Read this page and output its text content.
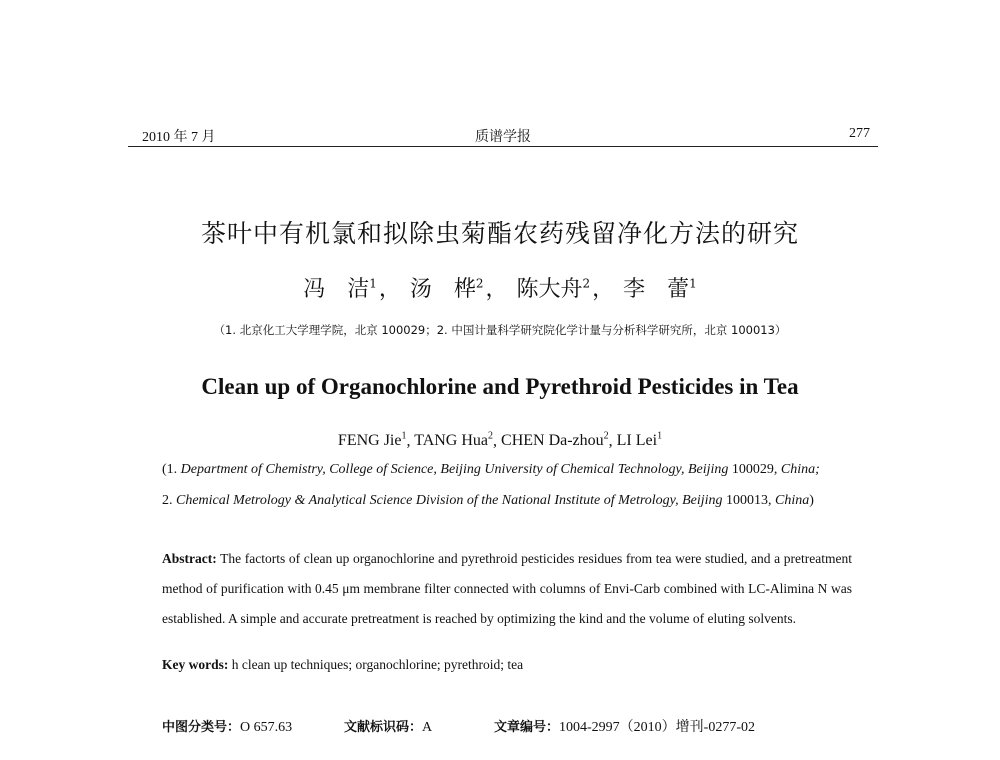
2010 年 7 月	质谱学报	277
茶叶中有机氯和拟除虫菊酯农药残留净化方法的研究
冯　洁$^1$， 汤　桦$^2$， 陈大舟$^2$， 李　蕾$^1$
（1. 北京化工大学理学院，北京 100029；2. 中国计量科学研究院化学计量与分析科学研究所，北京 100013）
Clean up of Organochlorine and Pyrethroid Pesticides in Tea
FENG Jie$^1$, TANG Hua$^2$, CHEN Da-zhou$^2$, LI Lei$^1$
(1. Department of Chemistry, College of Science, Beijing University of Chemical Technology, Beijing 100029, China;
2. Chemical Metrology & Analytical Science Division of the National Institute of Metrology, Beijing 100013, China)
Abstract: The factorts of clean up organochlorine and pyrethroid pesticides residues from tea were studied, and a pretreatment method of purification with 0.45 μm membrane filter connected with columns of Envi-Carb combined with LC-Alimina N was established. A simple and accurate pretreatment is reached by optimizing the kind and the volume of eluting solvents.
Key words: h clean up techniques; organochlorine; pyrethroid; tea
中图分类号：O 657.63	文献标识码：A	文章编号：1004-2997（2010）增刊-0277-02
